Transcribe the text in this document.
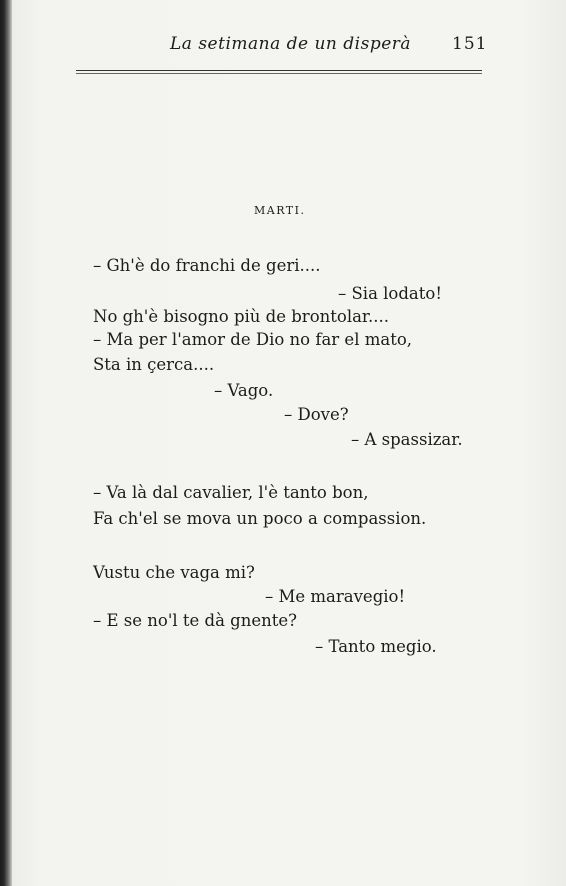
La setimana de un disperà 151
MARTI.
– Gh'è do franchi de geri....
– Sia lodato!
No gh'è bisogno più de brontolar....
– Ma per l'amor de Dio no far el mato,
Sta in çerca....
– Vago.
– Dove?
– A spassizar.
– Va là dal cavalier, l'è tanto bon,
Fa ch'el se mova un poco a compassion.
Vustu che vaga mi?
– Me maravegio!
– E se no'l te dà gnente?
– Tanto megio.
